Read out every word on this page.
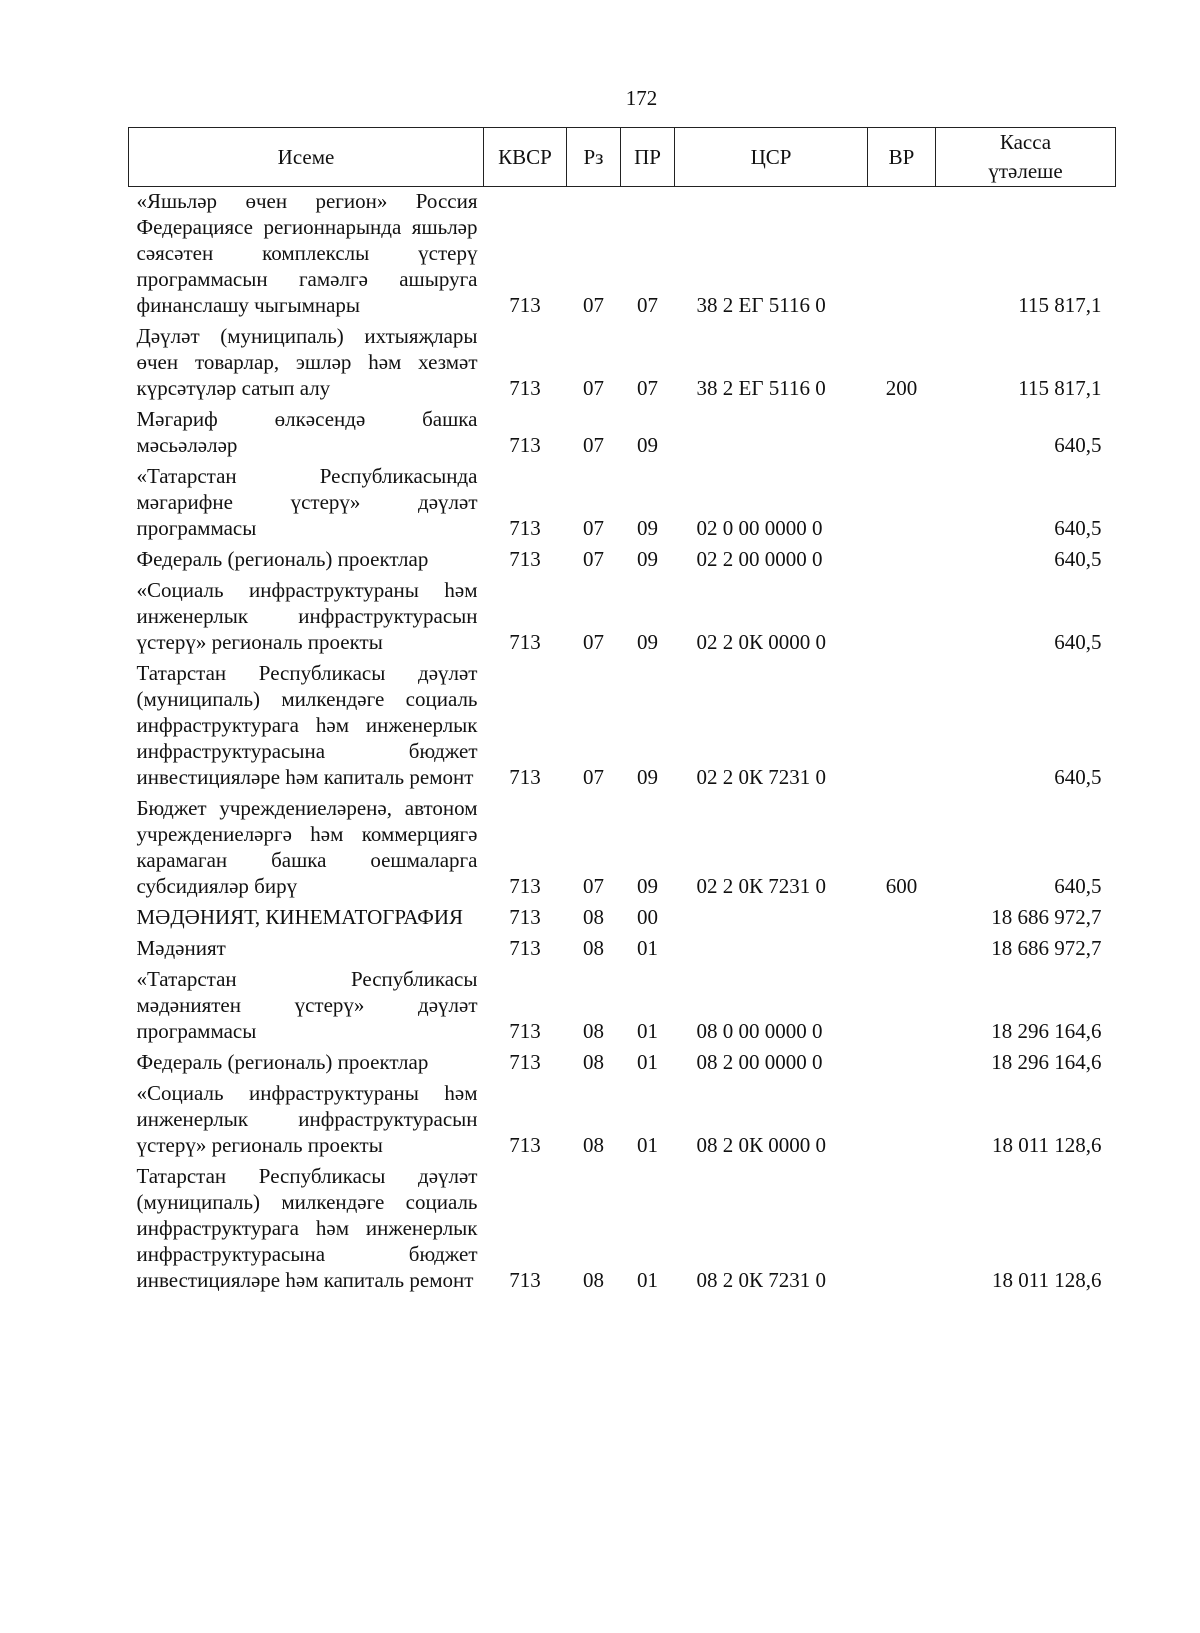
172
Исеме	КВСР	Рз	ПР	ЦСР	ВР	Касса
үтәлеше
«Яшьләр өчен регион» Россия Федерациясе регионнарында яшьләр сәясәтен комплекслы үстерү программасын гамәлгә ашыруга финанслашу чыгымнары	713	07	07	38 2 ЕГ 5116 0		115 817,1
Дәүләт (муниципаль) ихтыяҗлары өчен товарлар, эшләр һәм хезмәт күрсәтүләр сатып алу	713	07	07	38 2 ЕГ 5116 0	200	115 817,1
Мәгариф өлкәсендә башка мәсьәләләр	713	07	09			640,5
«Татарстан Республикасында мәгарифне үстерү» дәүләт программасы	713	07	09	02 0 00 0000 0		640,5
Федераль (региональ) проектлар	713	07	09	02 2 00 0000 0		640,5
«Социаль инфраструктураны һәм инженерлык инфраструктурасын үстерү» региональ проекты	713	07	09	02 2 0К 0000 0		640,5
Татарстан Республикасы дәүләт (муниципаль) милкендәге социаль инфраструктурага һәм инженерлык инфраструктурасына бюджет инвестицияләре һәм капиталь ремонт	713	07	09	02 2 0К 7231 0		640,5
Бюджет учреждениеләренә, автоном учреждениеләргә һәм коммерциягә карамаган башка оешмаларга субсидияләр бирү	713	07	09	02 2 0К 7231 0	600	640,5
МӘДӘНИЯТ, КИНЕМАТОГРАФИЯ	713	08	00			18 686 972,7
Мәдәният	713	08	01			18 686 972,7
«Татарстан Республикасы мәдәниятен үстерү» дәүләт программасы	713	08	01	08 0 00 0000 0		18 296 164,6
Федераль (региональ) проектлар	713	08	01	08 2 00 0000 0		18 296 164,6
«Социаль инфраструктураны һәм инженерлык инфраструктурасын үстерү» региональ проекты	713	08	01	08 2 0К 0000 0		18 011 128,6
Татарстан Республикасы дәүләт (муниципаль) милкендәге социаль инфраструктурага һәм инженерлык инфраструктурасына бюджет инвестицияләре һәм капиталь ремонт	713	08	01	08 2 0К 7231 0		18 011 128,6
